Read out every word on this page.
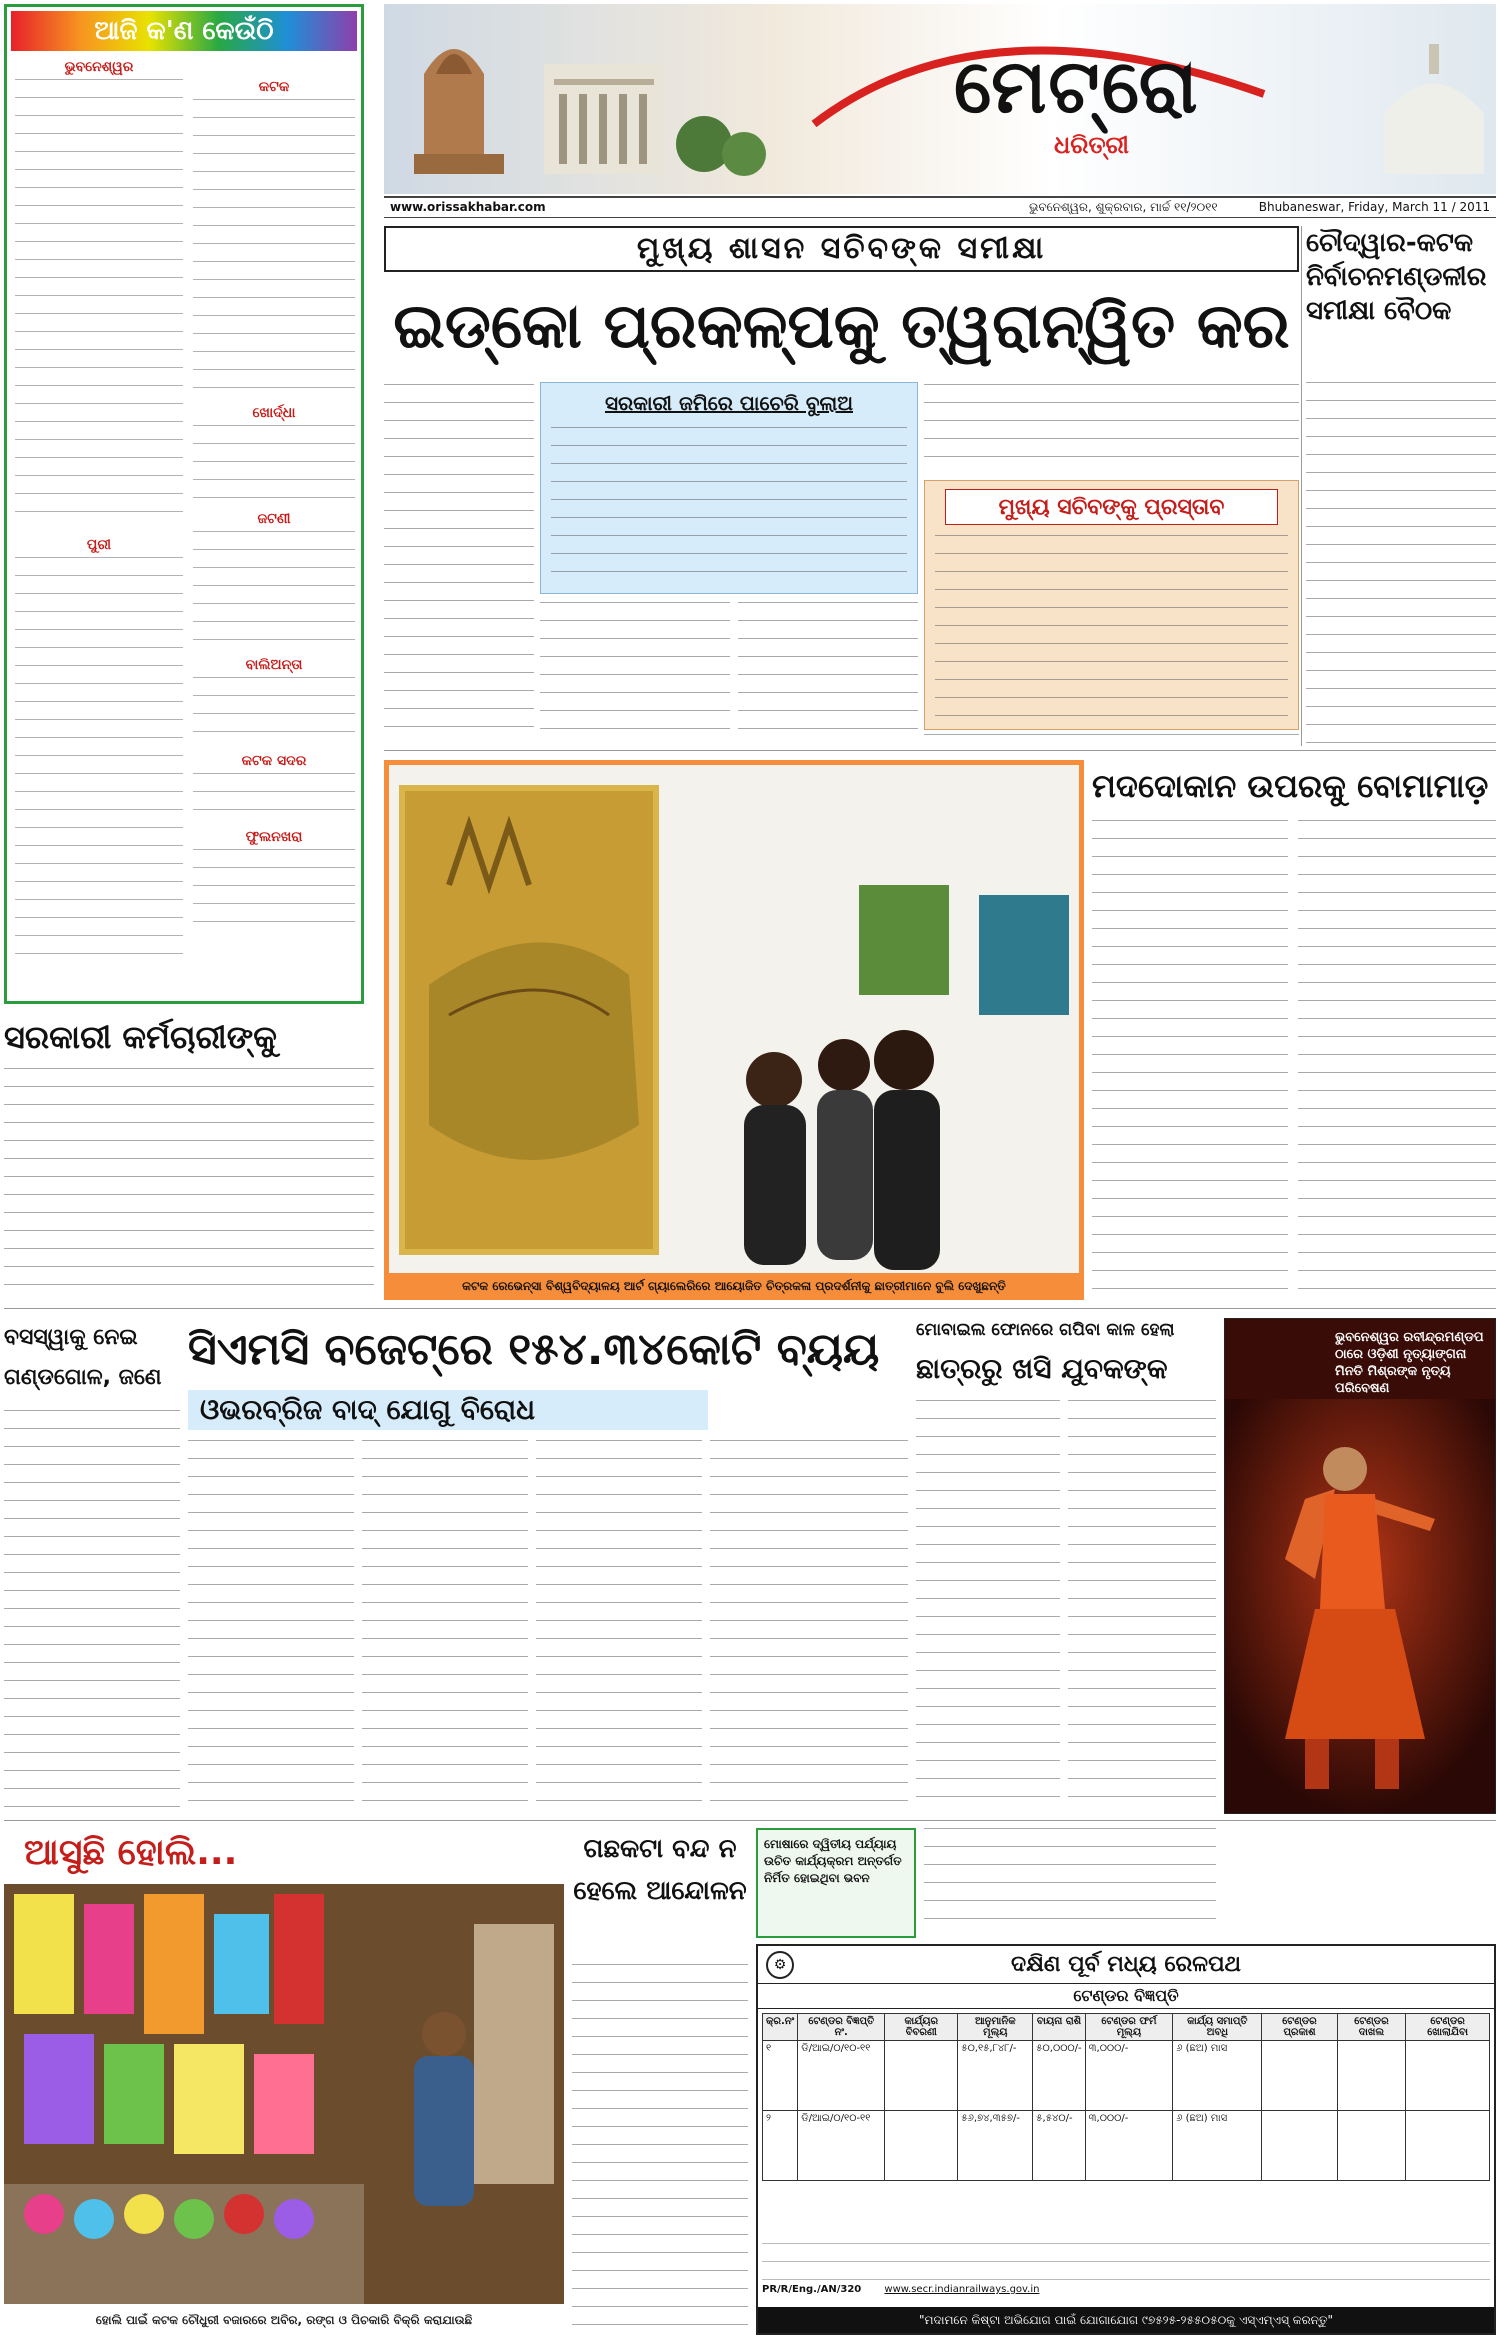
ମେଟ୍ରୋ
ଧରିତ୍ରୀ
www.orissakhabar.com	ଭୁବନେଶ୍ୱର, ଶୁକ୍ରବାର, ମାର୍ଚ୍ଚ ୧୧/୨୦୧୧	Bhubaneswar, Friday, March 11 / 2011
ଆଜି କ'ଣ କେଉଁଠି
ଭୁବନେଶ୍ୱର
ପୁରୀ
କଟକ
ଖୋର୍ଦ୍ଧା
ଜଟଣୀ
ବାଲିଅନ୍ତା
କଟକ ସଦର
ଫୁଲନଖରା
ମୁଖ୍ୟ ଶାସନ ସଚିବଙ୍କ ସମୀକ୍ଷା
ଇଡ୍‌କୋ ପ୍ରକଳ୍ପକୁ ତ୍ୱରାନ୍ୱିତ କର
ସରକାରୀ ଜମିରେ ପାଚେରି ବୁଲାଅ
ମୁଖ୍ୟ ସଚିବଙ୍କୁ ପ୍ରସ୍ତାବ
ଚୌଦ୍ୱାର-କଟକ ନିର୍ବାଚନମଣ୍ଡଳୀର ସମୀକ୍ଷା ବୈଠକ
ସରକାରୀ କର୍ମଚାରୀଙ୍କୁ
କଟକ ରେଭେନ୍ସା ବିଶ୍ୱବିଦ୍ୟାଳୟ ଆର୍ଟ ଗ୍ୟାଲେରିରେ ଆୟୋଜିତ ଚିତ୍ରକଳା ପ୍ରଦର୍ଶନୀକୁ ଛାତ୍ରୀମାନେ ବୁଲି ଦେଖୁଛନ୍ତି
ମଦଦୋକାନ ଉପରକୁ ବୋମାମାଡ଼
ବସସ୍ୱାକୁ ନେଇ ଗଣ୍ଡଗୋଳ, ଜଣେ
ସିଏମସି ବଜେଟ୍‌ରେ ୧୫୪.୩୪କୋଟି ବ୍ୟୟ
ଓଭରବ୍ରିଜ ବାଦ୍ ଯୋଗୁ ବିରୋଧ
ମୋବାଇଲ ଫୋନରେ ଗପିବା କାଳ ହେଲା
ଛାତ୍ରରୁ ଖସି ଯୁବକଙ୍କ
ଭୁବନେଶ୍ୱର ରବୀନ୍ଦ୍ରମଣ୍ଡପ ଠାରେ ଓଡ଼ିଶୀ ନୃତ୍ୟାଙ୍ଗନା ମିନତି ମିଶ୍ରଙ୍କ ନୃତ୍ୟ ପରିବେଷଣ
ଆସୁଛି ହୋଲି...
ହୋଲି ପାଇଁ କଟକ ଚୌଧୁରୀ ବଜାରରେ ଅବିର, ରଙ୍ଗ ଓ ପିଚକାରି ବିକ୍ରି କରାଯାଉଛି
ଗଛକଟା ବନ୍ଦ ନ ହେଲେ ଆନ୍ଦୋଳନ
ମୋଷାରେ ଦ୍ୱିତୀୟ ପର୍ଯ୍ୟାୟ ଉଚିତ କାର୍ଯ୍ୟକ୍ରମ ଅନ୍ତର୍ଗତ ନିର୍ମିତ ହୋଇଥିବା ଭବନ
⚙	ଦକ୍ଷିଣ ପୂର୍ବ ମଧ୍ୟ ରେଳପଥ
ଟେଣ୍ଡର ବିଜ୍ଞପ୍ତି
କ୍ର.ନଂ	ଟେଣ୍ଡର ବିଜ୍ଞପ୍ତି ନଂ.	କାର୍ଯ୍ୟର ବିବରଣୀ	ଆନୁମାନିକ ମୂଲ୍ୟ	ବାୟନା ରାଶି	ଟେଣ୍ଡର ଫର୍ମ ମୂଲ୍ୟ	କାର୍ଯ୍ୟ ସମାପ୍ତି ଅବଧି	ଟେଣ୍ଡର ପ୍ରକାଶ	ଟେଣ୍ଡର ଦାଖଲ	ଟେଣ୍ଡର ଖୋଲାଯିବା
୧	ଡି/ଆଇ/୦/୧୦-୧୧		୫୦,୧୫,୮୪୮/-	୫୦,୦୦୦/-	୩,୦୦୦/-	୬ (ଛଅ) ମାସ			
୨	ଡି/ଆଇ/୦/୧୦-୧୧		୫୬,୭୪,୩୫୭/-	୫,୫୪୦/-	୩,୦୦୦/-	୬ (ଛଅ) ମାସ			
PR/R/Eng./AN/320 www.secr.indianrailways.gov.in
"ମଦାମନେ କିଷ୍ଟା ଅଭିଯୋଗ ପାଇଁ ଯୋଗାଯୋଗ ୯୭୫୨୫-୨୫୫୦୫୦କୁ ଏସ୍‌ଏମ୍‌ଏସ୍‌ କରନ୍ତୁ"
